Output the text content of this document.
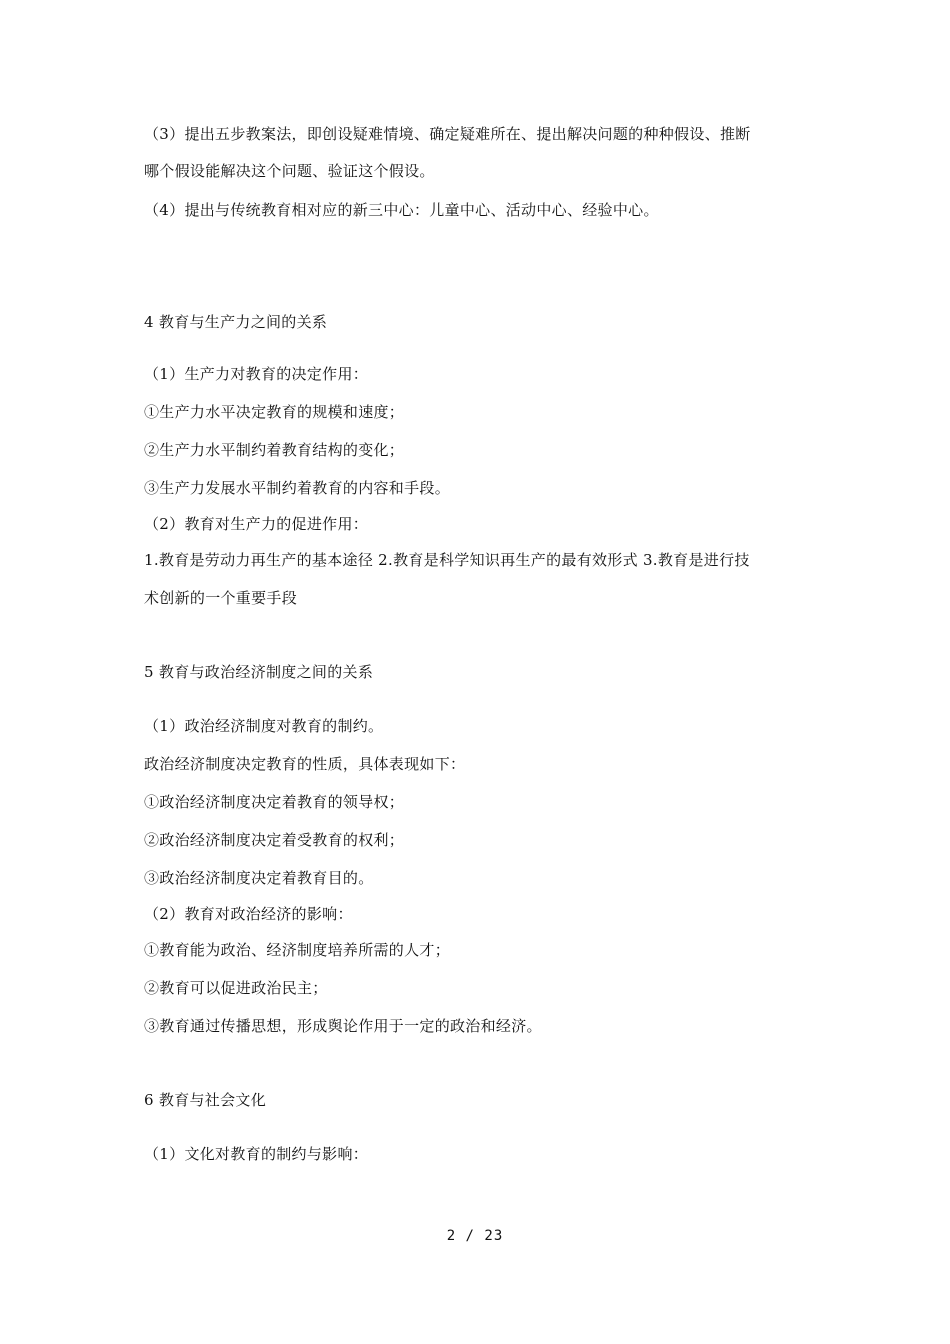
（3）提出五步教案法，即创设疑难情境、确定疑难所在、提出解决问题的种种假设、推断
哪个假设能解决这个问题、验证这个假设。
（4）提出与传统教育相对应的新三中心：儿童中心、活动中心、经验中心。
4 教育与生产力之间的关系
（1）生产力对教育的决定作用：
①生产力水平决定教育的规模和速度；
②生产力水平制约着教育结构的变化；
③生产力发展水平制约着教育的内容和手段。
（2）教育对生产力的促进作用：
1.教育是劳动力再生产的基本途径 2.教育是科学知识再生产的最有效形式 3.教育是进行技
术创新的一个重要手段
5 教育与政治经济制度之间的关系
（1）政治经济制度对教育的制约。
政治经济制度决定教育的性质，具体表现如下：
①政治经济制度决定着教育的领导权；
②政治经济制度决定着受教育的权利；
③政治经济制度决定着教育目的。
（2）教育对政治经济的影响：
①教育能为政治、经济制度培养所需的人才；
②教育可以促进政治民主；
③教育通过传播思想，形成舆论作用于一定的政治和经济。
6 教育与社会文化
（1）文化对教育的制约与影响：
2 / 23
